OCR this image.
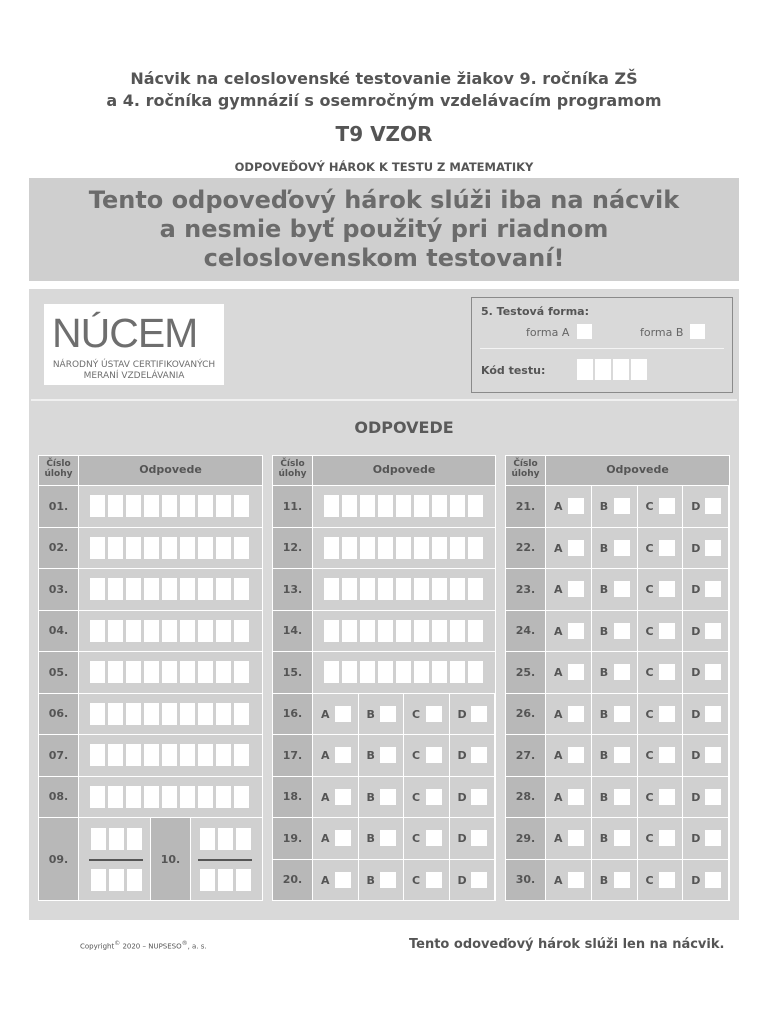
Nácvik na celoslovenské testovanie žiakov 9. ročníka ZŠ
a 4. ročníka gymnázií s osemročným vzdelávacím programom
T9 VZOR
ODPOVEĎOVÝ HÁROK K TESTU Z MATEMATIKY
Tento odpoveďový hárok slúži iba na nácvik
a nesmie byť použitý pri riadnom
celoslovenskom testovaní!
NÚCEM
NÁRODNÝ ÚSTAV CERTIFIKOVANÝCH
MERANÍ VZDELÁVANIA
5. Testová forma:
forma A	forma B
Kód testu:
ODPOVEDE
Číslo
úlohy	Odpovede
01.
02.
03.
04.
05.
06.
07.
08.
09.	10.
Číslo
úlohy	Odpovede
11.
12.
13.
14.
15.
16.	A	B	C	D
17.	A	B	C	D
18.	A	B	C	D
19.	A	B	C	D
20.	A	B	C	D
Číslo
úlohy	Odpovede
21.	A	B	C	D
22.	A	B	C	D
23.	A	B	C	D
24.	A	B	C	D
25.	A	B	C	D
26.	A	B	C	D
27.	A	B	C	D
28.	A	B	C	D
29.	A	B	C	D
30.	A	B	C	D
Copyright© 2020 – NUPSESO®, a. s.	Tento odoveďový hárok slúži len na nácvik.
